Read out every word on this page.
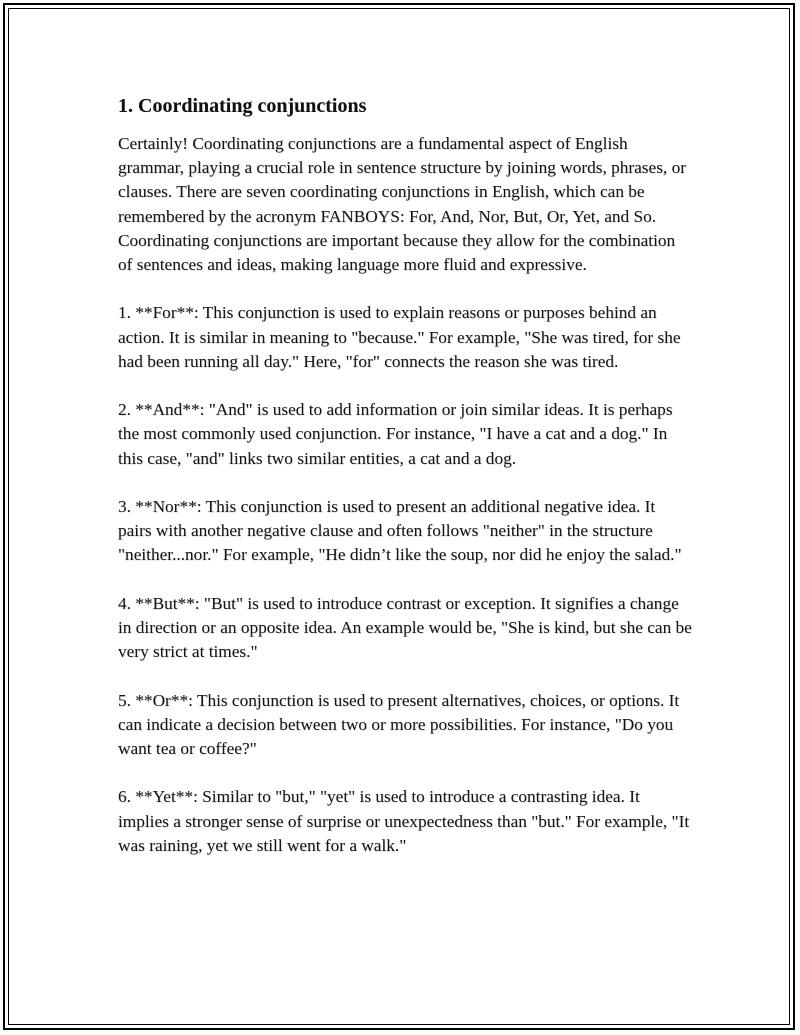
1. Coordinating conjunctions

Certainly! Coordinating conjunctions are a fundamental aspect of English grammar, playing a crucial role in sentence structure by joining words, phrases, or clauses. There are seven coordinating conjunctions in English, which can be remembered by the acronym FANBOYS: For, And, Nor, But, Or, Yet, and So. Coordinating conjunctions are important because they allow for the combination of sentences and ideas, making language more fluid and expressive.

1. **For**: This conjunction is used to explain reasons or purposes behind an action. It is similar in meaning to "because." For example, "She was tired, for she had been running all day." Here, "for" connects the reason she was tired.

2. **And**: "And" is used to add information or join similar ideas. It is perhaps the most commonly used conjunction. For instance, "I have a cat and a dog." In this case, "and" links two similar entities, a cat and a dog.

3. **Nor**: This conjunction is used to present an additional negative idea. It pairs with another negative clause and often follows "neither" in the structure "neither...nor." For example, "He didn’t like the soup, nor did he enjoy the salad."

4. **But**: "But" is used to introduce contrast or exception. It signifies a change in direction or an opposite idea. An example would be, "She is kind, but she can be very strict at times."

5. **Or**: This conjunction is used to present alternatives, choices, or options. It can indicate a decision between two or more possibilities. For instance, "Do you want tea or coffee?"

6. **Yet**: Similar to "but," "yet" is used to introduce a contrasting idea. It implies a stronger sense of surprise or unexpectedness than "but." For example, "It was raining, yet we still went for a walk."
